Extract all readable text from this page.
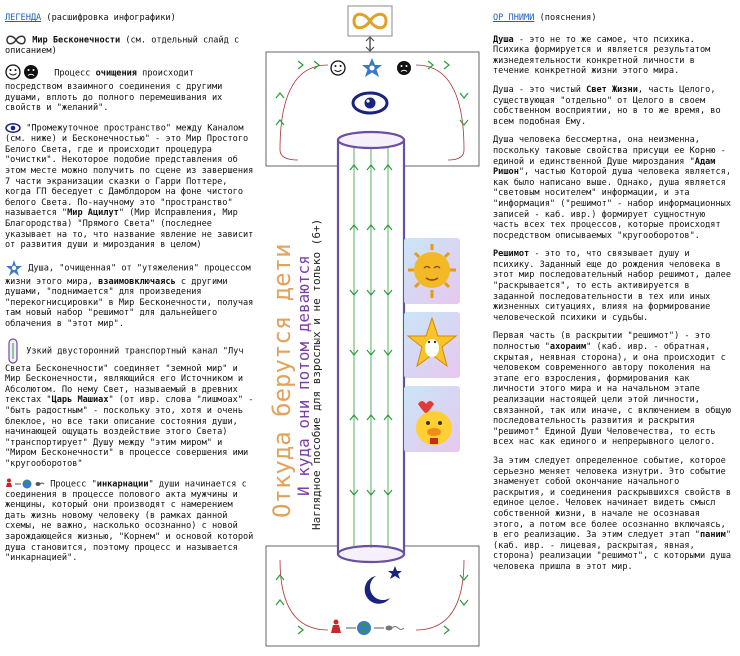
ЛЕГЕНДА (расшифровка инфографики)

Мир Бесконечности (см. отдельный слайд с описанием)

Процесс очищения происходит посредством взаимного соединения с другими душами, вплоть до полного перемешивания их свойств и "желаний".

"Промежуточное пространство" между Каналом (см. ниже) и Бесконечностью" - это Мир Простого Белого Света, где и происходит процедура "очистки". Некоторое подобие представления об этом месте можно получить по сцене из завершения 7 части экранизации сказки о Гарри Поттере, когда ГП беседует с Дамблдором на фоне чистого белого Света. По-научному это "пространство" называется "Мир Ацилут" (Мир Исправления, Мир Благородства) "Прямого Света" (последнее указывает на то, что название явление не зависит от развития души и мироздания в целом)

Душа, "очищенная" от "утяжеления" процессом жизни этого мира, взаимовключаясь с другими душами, "поднимается" для произведения "перекогнисцировки" в Мир Бесконечности, получая там новый набор "решимот" для дальнейшего облачения в "этот мир".

Узкий двусторонний транспортный канал "Луч Света Бесконечности" соединяет "земной мир" и Мир Бесконечности, являющийся его Источником и Абсолютом. По нему Свет, называемый в древних текстах "Царь Машиах" (от ивр. слова "лишмоах" - "быть радостным" - поскольку это, хотя и очень блеклое, но все таки описание состояния души, начинающей ощущать воздействие этого Света) "транспортирует" Душу между "этим миром" и "Миром Бесконечности" в процессе совершения ими "кругооборотов"

Процесс "инкарнации" души начинается с соединения в процессе полового акта мужчины и женщины, который они производят с намерением дать жизнь новому человеку (в рамках данной схемы, не важно, насколько осознанно) с новой зарождающейся жизнью, "Корнем" и основой которой душа становится, поэтому процесс и называется "инкарнацией".

Откуда берутся дети
И куда они потом деваются
Наглядное пособие для взрослых и не только (6+)
ОР ПНИМИ (пояснения)

Душа - это не то же самое, что психика. Психика формируется и является результатом жизнедеятельности конкретной личности в течение конкретной жизни этого мира.

Душа - это чистый Свет Жизни, часть Целого, существующая "отдельно" от Целого в своем собственном восприятии, но в то же время, во всем подобная Ему.

Душа человека бессмертна, она неизменна, поскольку таковые свойства присущи ее Корню - единой и единственной Душе мироздания "Адам Ришон", частью Которой душа человека является, как было написано выше. Однако, душа является "световым носителем" информации, и эта "информация" ("решимот" - набор информационных записей - каб. ивр.) формирует сущностную часть всех тех процессов, которые происходят посредством описываемых "кругооборотов".

Решимот - это то, что связывает душу и психику. Заданный еще до рождения человека в этот мир последовательный набор решимот, далее "раскрывается", то есть активируется в заданной последовательности в тех или иных жизненных ситуациях, влияя на формирование человеческой психики и судьбы.

Первая часть (в раскрытии "решимот") - это полностью "ахораим" (каб. ивр. - обратная, скрытая, неявная сторона), и она происходит с человеком современного автору поколения на этапе его взросления, формирования как личности этого мира и на начальном этапе реализации настоящей цели этой личности, связанной, так или иначе, с включением в общую последовательность развития и раскрытия "решимот" Единой Души Человечества, то есть всех нас как единого и непрерывного целого.

За этим следует определенное событие, которое серьезно меняет человека изнутри. Это событие знаменует собой окончание начального раскрытия, и соединения раскрывшихся свойств в единое целое. Человек начинает видеть смысл собственной жизни, в начале не осознавая этого, а потом все более осознанно включаясь, в его реализацию. За этим следует этап "паним" (каб. ивр. - лицевая, раскрытая, явная, сторона) реализации "решимот", с которыми душа человека пришла в этот мир.
